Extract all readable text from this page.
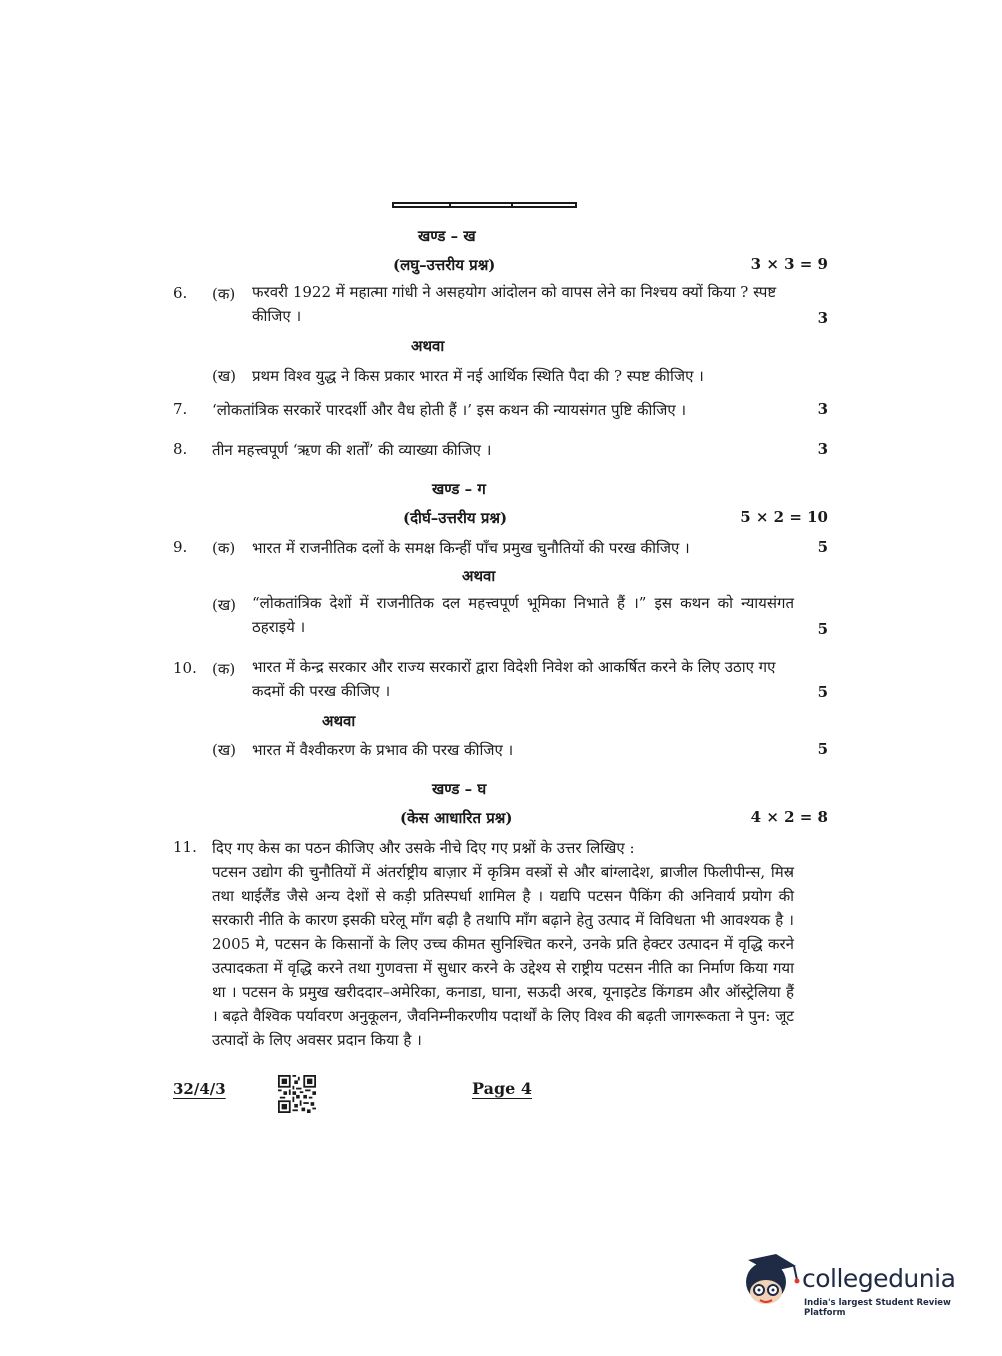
खण्ड – ख
(लघु–उत्तरीय प्रश्न)	3 × 3 = 9
6. (क) फरवरी 1922 में महात्मा गांधी ने असहयोग आंदोलन को वापस लेने का निश्चय क्यों किया ? स्पष्ट कीजिए ।	3
अथवा
(ख) प्रथम विश्व युद्ध ने किस प्रकार भारत में नई आर्थिक स्थिति पैदा की ? स्पष्ट कीजिए ।
7. ‘लोकतांत्रिक सरकारें पारदर्शी और वैध होती हैं ।’ इस कथन की न्यायसंगत पुष्टि कीजिए ।	3
8. तीन महत्त्वपूर्ण ‘ऋण की शर्तों’ की व्याख्या कीजिए ।	3
खण्ड – ग
(दीर्घ–उत्तरीय प्रश्न)	5 × 2 = 10
9. (क) भारत में राजनीतिक दलों के समक्ष किन्हीं पाँच प्रमुख चुनौतियों की परख कीजिए ।	5
अथवा
(ख) “लोकतांत्रिक देशों में राजनीतिक दल महत्त्वपूर्ण भूमिका निभाते हैं ।” इस कथन को न्यायसंगत ठहराइये ।	5
10. (क) भारत में केन्द्र सरकार और राज्य सरकारों द्वारा विदेशी निवेश को आकर्षित करने के लिए उठाए गए कदमों की परख कीजिए ।	5
अथवा
(ख) भारत में वैश्वीकरण के प्रभाव की परख कीजिए ।	5
खण्ड – घ
(केस आधारित प्रश्न)	4 × 2 = 8
11. दिए गए केस का पठन कीजिए और उसके नीचे दिए गए प्रश्नों के उत्तर लिखिए :
पटसन उद्योग की चुनौतियों में अंतर्राष्ट्रीय बाज़ार में कृत्रिम वस्त्रों से और बांग्लादेश, ब्राजील फिलीपीन्स, मिस्र तथा थाईलैंड जैसे अन्य देशों से कड़ी प्रतिस्पर्धा शामिल है । यद्यपि पटसन पैकिंग की अनिवार्य प्रयोग की सरकारी नीति के कारण इसकी घरेलू माँग बढ़ी है तथापि माँग बढ़ाने हेतु उत्पाद में विविधता भी आवश्यक है । 2005 मे, पटसन के किसानों के लिए उच्च कीमत सुनिश्चित करने, उनके प्रति हेक्टर उत्पादन में वृद्धि करने उत्पादकता में वृद्धि करने तथा गुणवत्ता में सुधार करने के उद्देश्य से राष्ट्रीय पटसन नीति का निर्माण किया गया था । पटसन के प्रमुख खरीददार–अमेरिका, कनाडा, घाना, सऊदी अरब, यूनाइटेड किंगडम और ऑस्ट्रेलिया हैं । बढ़ते वैश्विक पर्यावरण अनुकूलन, जैवनिम्नीकरणीय पदार्थों के लिए विश्व की बढ़ती जागरूकता ने पुन: जूट उत्पादों के लिए अवसर प्रदान किया है ।
32/4/3	Page 4
collegedunia
India's largest Student Review Platform
